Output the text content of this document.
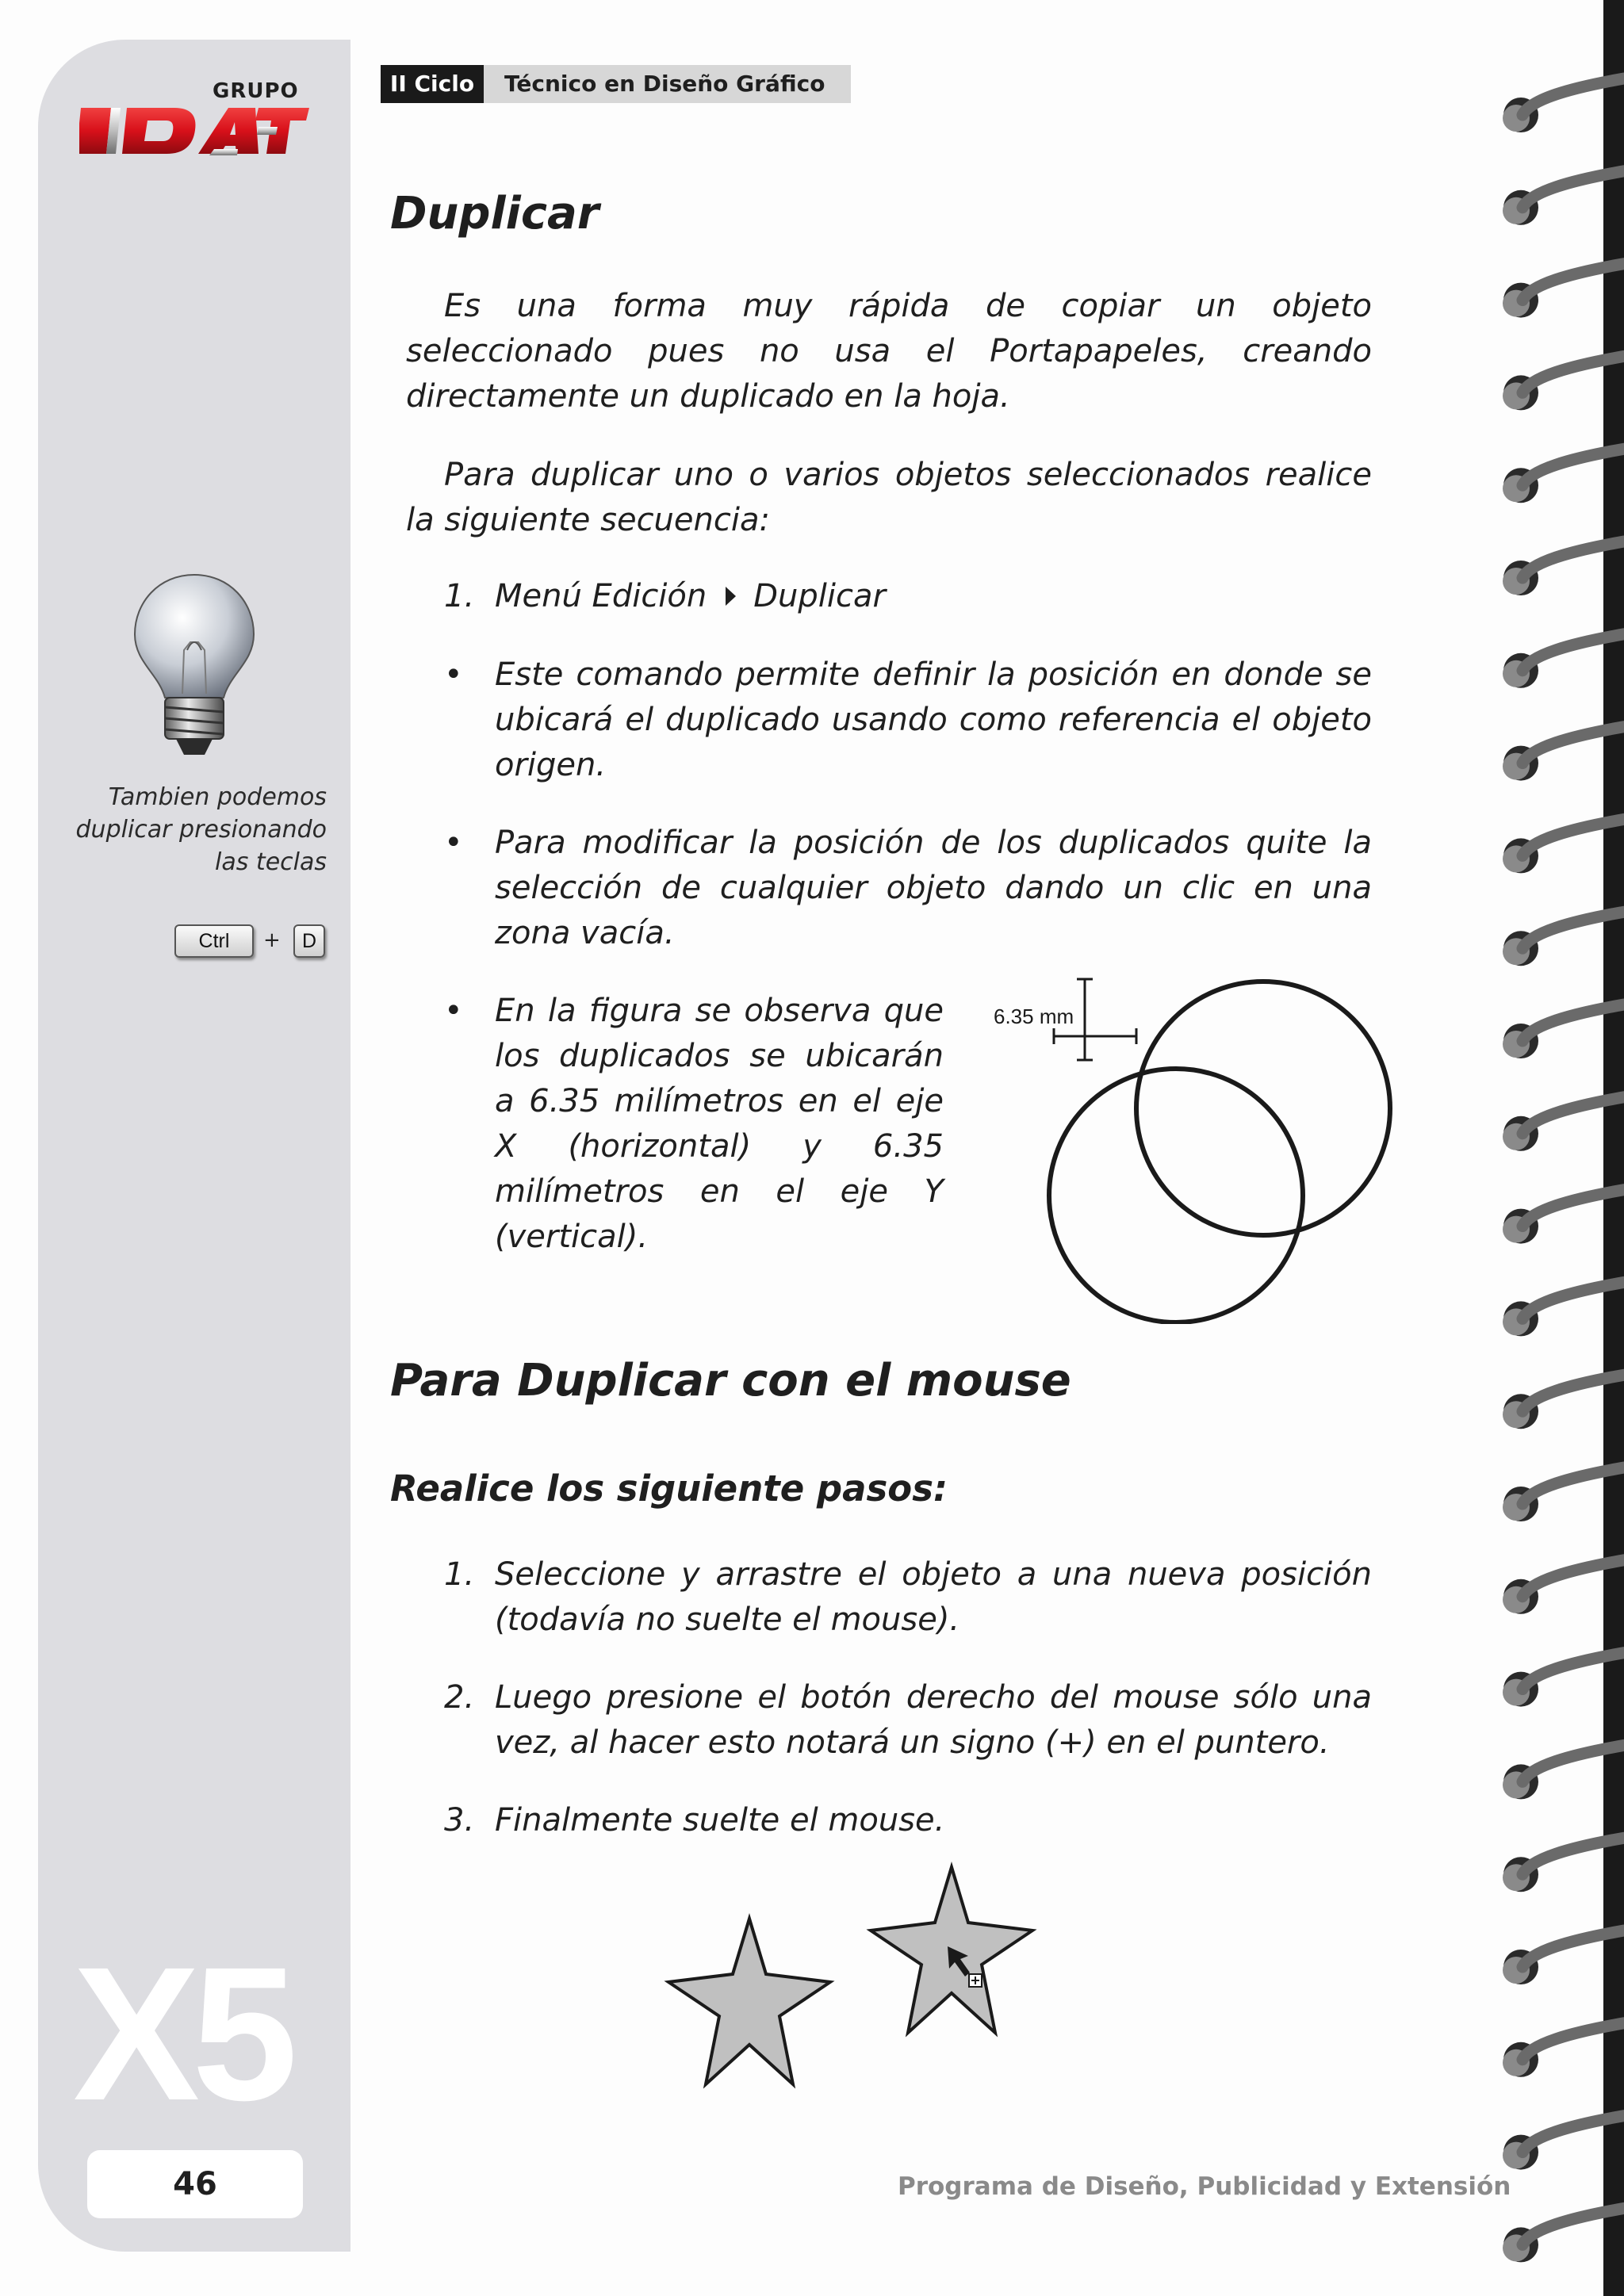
GRUPO
Tambien podemos
duplicar presionando
las teclas
Ctrl	+	D
X5
46
II Ciclo	Técnico en Diseño Gráfico
Duplicar

Es una forma muy rápida de copiar un objeto seleccionado pues no usa el Portapapeles, creando directamente un duplicado en la hoja.

Para duplicar uno o varios objetos seleccionados realice la siguiente secuencia:

1. Menú Edición Duplicar
•	Este comando permite definir la posición en donde se ubicará el duplicado usando como referencia el objeto origen.
•	Para modificar la posición de los duplicados quite la selección de cualquier objeto dando un clic en una zona vacía.
•	En la figura se observa que los duplicados se ubicarán a 6.35 milímetros en el eje X (horizontal) y 6.35 milímetros en el eje Y (vertical).
6.35 mm
Para Duplicar con el mouse
Realice los siguiente pasos:
1. Seleccione y arrastre el objeto a una nueva posición (todavía no suelte el mouse).
2. Luego presione el botón derecho del mouse sólo una vez, al hacer esto notará un signo (+) en el puntero.
3. Finalmente suelte el mouse.
Programa de Diseño, Publicidad y Extensión
